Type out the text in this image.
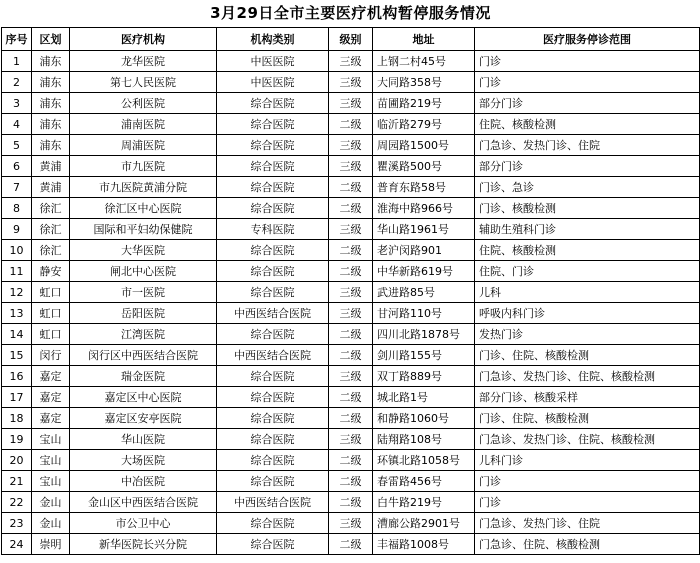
3月29日全市主要医疗机构暂停服务情况						
序号	区划	医疗机构	机构类别	级别	地址	医疗服务停诊范围
1	浦东	龙华医院	中医医院	三级	上钢二村45号	门诊
2	浦东	第七人民医院	中医医院	三级	大同路358号	门诊
3	浦东	公利医院	综合医院	三级	苗圃路219号	部分门诊
4	浦东	浦南医院	综合医院	二级	临沂路279号	住院、核酸检测
5	浦东	周浦医院	综合医院	三级	周园路1500号	门急诊、发热门诊、住院
6	黄浦	市九医院	综合医院	三级	瞿溪路500号	部分门诊
7	黄浦	市九医院黄浦分院	综合医院	二级	普育东路58号	门诊、急诊
8	徐汇	徐汇区中心医院	综合医院	二级	淮海中路966号	门诊、核酸检测
9	徐汇	国际和平妇幼保健院	专科医院	三级	华山路1961号	辅助生殖科门诊
10	徐汇	大华医院	综合医院	二级	老沪闵路901	住院、核酸检测
11	静安	闸北中心医院	综合医院	二级	中华新路619号	住院、门诊
12	虹口	市一医院	综合医院	三级	武进路85号	儿科
13	虹口	岳阳医院	中西医结合医院	三级	甘河路110号	呼吸内科门诊
14	虹口	江湾医院	综合医院	二级	四川北路1878号	发热门诊
15	闵行	闵行区中西医结合医院	中西医结合医院	二级	剑川路155号	门诊、住院、核酸检测
16	嘉定	瑞金医院	综合医院	三级	双丁路889号	门急诊、发热门诊、住院、核酸检测
17	嘉定	嘉定区中心医院	综合医院	二级	城北路1号	部分门诊、核酸采样
18	嘉定	嘉定区安亭医院	综合医院	二级	和静路1060号	门诊、住院、核酸检测
19	宝山	华山医院	综合医院	三级	陆翔路108号	门急诊、发热门诊、住院、核酸检测
20	宝山	大场医院	综合医院	二级	环镇北路1058号	儿科门诊
21	宝山	中冶医院	综合医院	二级	春雷路456号	门诊
22	金山	金山区中西医结合医院	中西医结合医院	二级	白牛路219号	门诊
23	金山	市公卫中心	综合医院	三级	漕廊公路2901号	门急诊、发热门诊、住院
24	崇明	新华医院长兴分院	综合医院	二级	丰福路1008号	门急诊、住院、核酸检测
